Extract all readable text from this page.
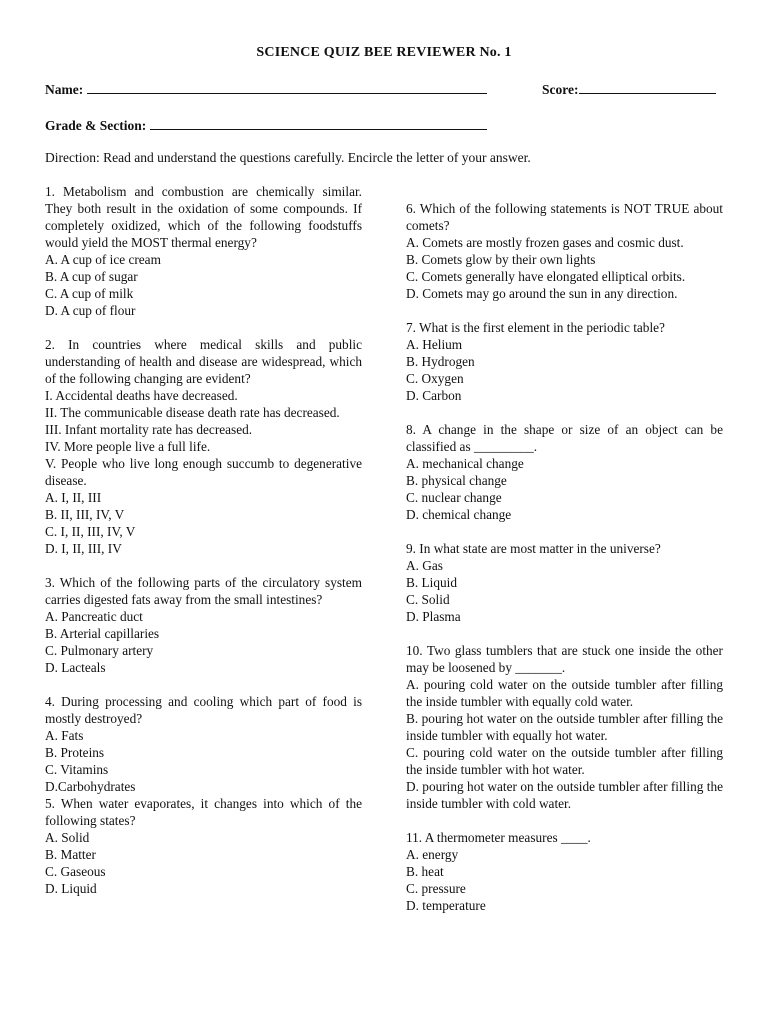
SCIENCE QUIZ BEE REVIEWER No. 1
Name:	Score:
Grade & Section:
Direction: Read and understand the questions carefully. Encircle the letter of your answer.
1. Metabolism and combustion are chemically similar. They both result in the oxidation of some compounds. If completely oxidized, which of the following foodstuffs would yield the MOST thermal energy?
A. A cup of ice cream
B. A cup of sugar
C. A cup of milk
D. A cup of flour
2. In countries where medical skills and public understanding of health and disease are widespread, which of the following changing are evident?
I. Accidental deaths have decreased.
II. The communicable disease death rate has decreased.
III. Infant mortality rate has decreased.
IV. More people live a full life.
V. People who live long enough succumb to degenerative disease.
A. I, II, III
B. II, III, IV, V
C. I, II, III, IV, V
D. I, II, III, IV
3. Which of the following parts of the circulatory system carries digested fats away from the small intestines?
A. Pancreatic duct
B. Arterial capillaries
C. Pulmonary artery
D. Lacteals
4. During processing and cooling which part of food is mostly destroyed?
A. Fats
B. Proteins
C. Vitamins
D.Carbohydrates
5. When water evaporates, it changes into which of the following states?
A. Solid
B. Matter
C. Gaseous
D. Liquid
6. Which of the following statements is NOT TRUE about comets?
A. Comets are mostly frozen gases and cosmic dust.
B. Comets glow by their own lights
C. Comets generally have elongated elliptical orbits.
D. Comets may go around the sun in any direction.
7. What is the first element in the periodic table?
A. Helium
B. Hydrogen
C. Oxygen
D. Carbon
8. A change in the shape or size of an object can be classified as _________.
A. mechanical change
B. physical change
C. nuclear change
D. chemical change
9. In what state are most matter in the universe?
A. Gas
B. Liquid
C. Solid
D. Plasma
10. Two glass tumblers that are stuck one inside the other may be loosened by _______.
A. pouring cold water on the outside tumbler after filling the inside tumbler with equally cold water.
B. pouring hot water on the outside tumbler after filling the inside tumbler with equally hot water.
C. pouring cold water on the outside tumbler after filling the inside tumbler with hot water.
D. pouring hot water on the outside tumbler after filling the inside tumbler with cold water.
11. A thermometer measures ____.
A. energy
B. heat
C. pressure
D. temperature
